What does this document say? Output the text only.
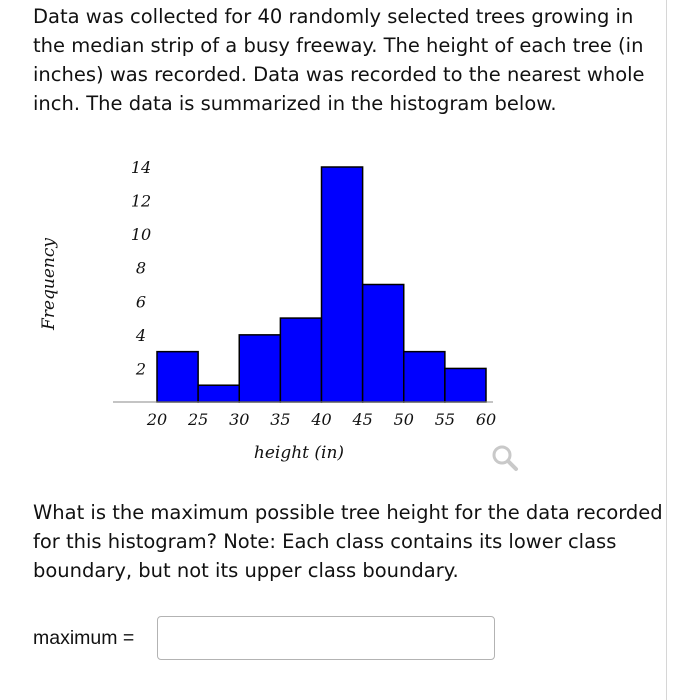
Data was collected for 40 randomly selected trees growing in the median strip of a busy freeway. The height of each tree (in inches) was recorded. Data was recorded to the nearest whole inch. The data is summarized in the histogram below.

2
4
6
8
10
12
14
20 25 30 35 40 45 50 55 60
Frequency
height (in)

What is the maximum possible tree height for the data recorded for this histogram? Note: Each class contains its lower class boundary, but not its upper class boundary.

maximum =
